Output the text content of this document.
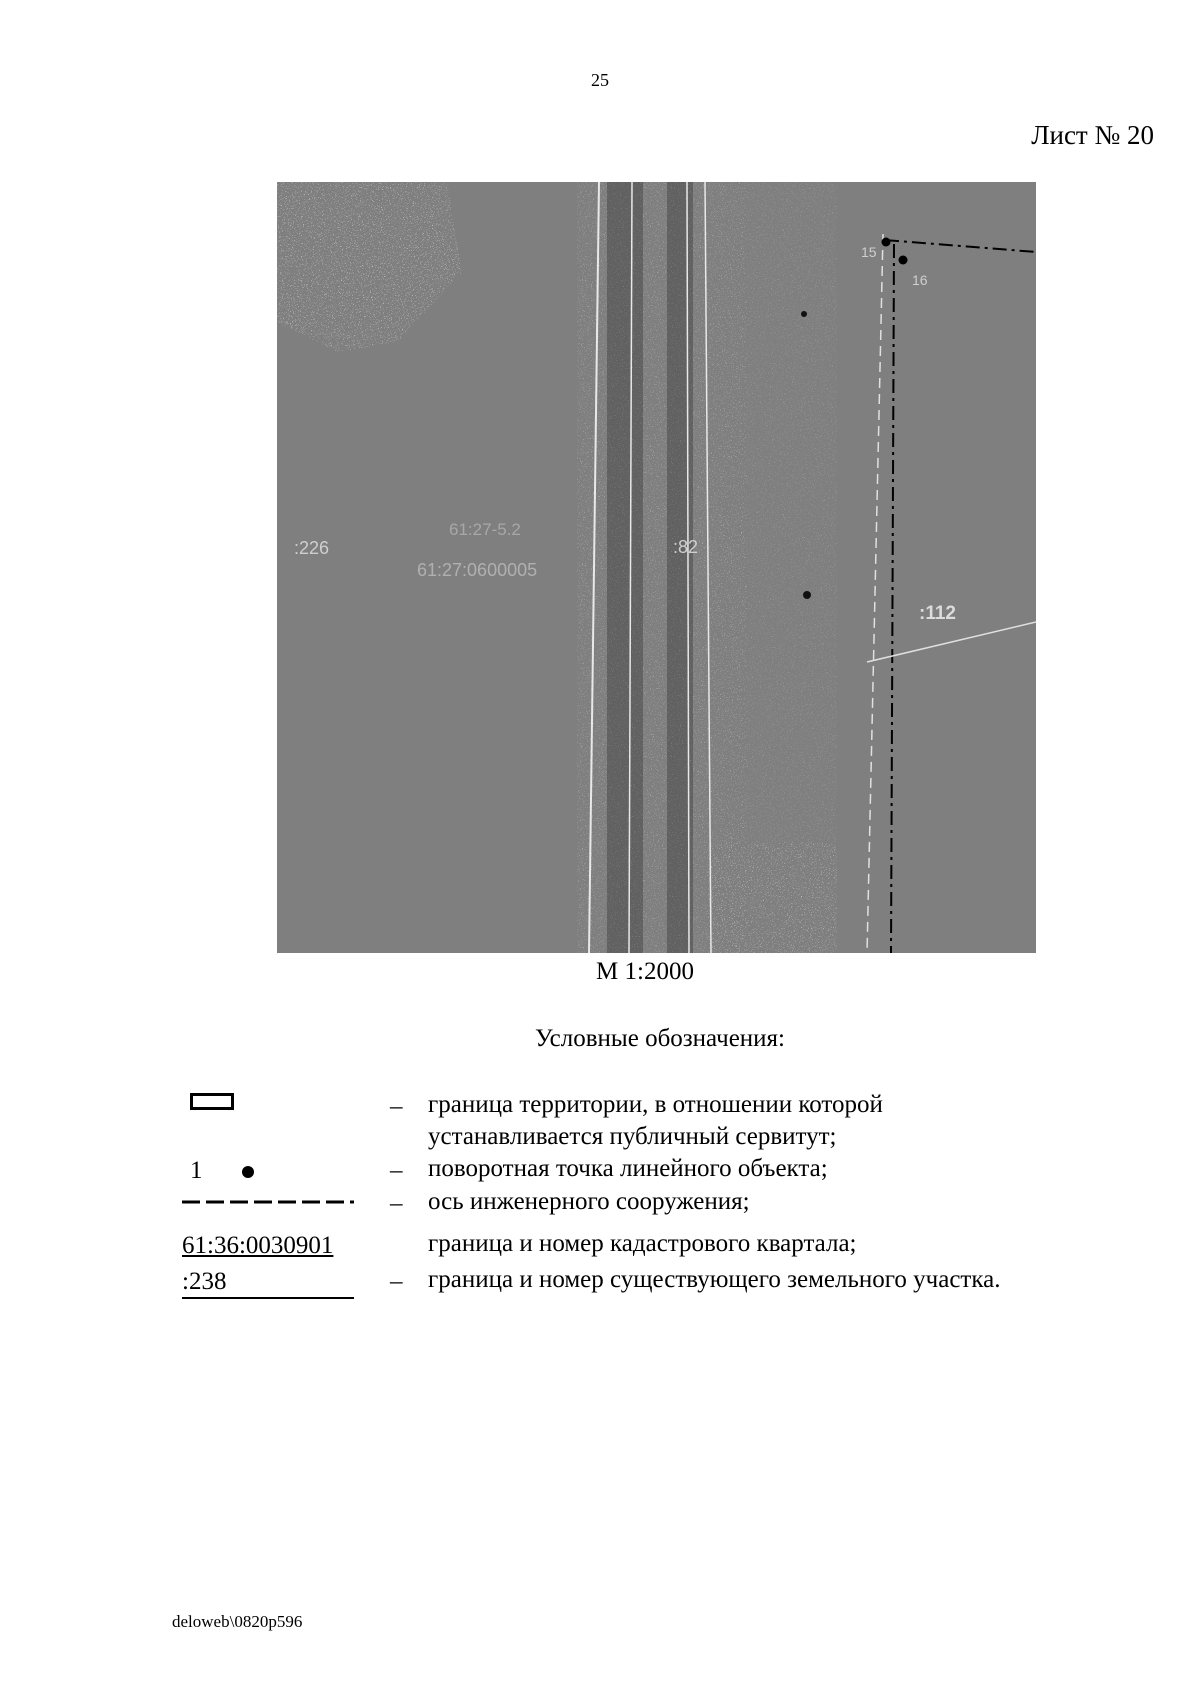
25
Лист № 20
:226
61:27-5.2
61:27:0600005
:82
:112
15
16
М 1:2000
Условные обозначения:
– граница территории, в отношении которой
устанавливается публичный сервитут;
1	– поворотная точка линейного объекта;
– ось инженерного сооружения;
61:36:0030901	граница и номер кадастрового квартала;
:238	– граница и номер существующего земельного участка.
deloweb\0820p596
